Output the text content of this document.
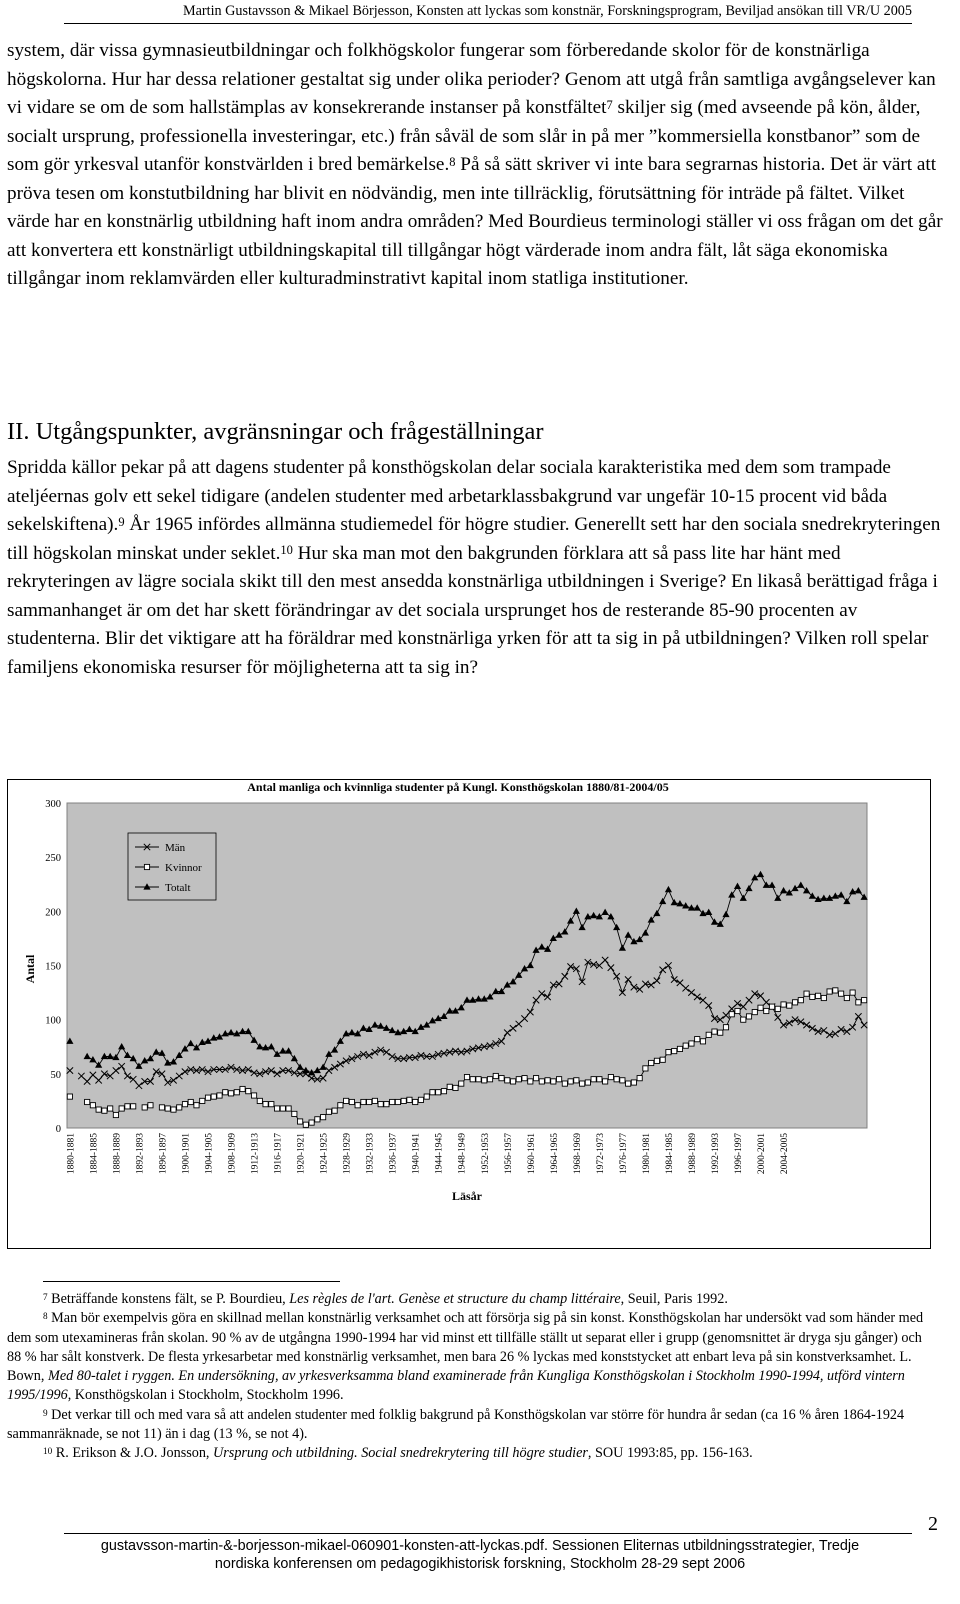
Martin Gustavsson & Mikael Börjesson, Konsten att lyckas som konstnär, Forskningsprogram, Beviljad ansökan till VR/U 2005

system, där vissa gymnasieutbildningar och folkhögskolor fungerar som förberedande skolor för de konstnärliga högskolorna. Hur har dessa relationer gestaltat sig under olika perioder? Genom att utgå från samtliga avgångselever kan vi vidare se om de som hallstämplas av konsekrerande instanser på konstfältet$^7$ skiljer sig (med avseende på kön, ålder, socialt ursprung, professionella investeringar, etc.) från såväl de som slår in på mer ”kommersiella konstbanor” som de som gör yrkesval utanför konstvärlden i bred bemärkelse.$^8$ På så sätt skriver vi inte bara segrarnas historia. Det är värt att pröva tesen om konstutbildning har blivit en nödvändig, men inte tillräcklig, förutsättning för inträde på fältet. Vilket värde har en konstnärlig utbildning haft inom andra områden? Med Bourdieus terminologi ställer vi oss frågan om det går att konvertera ett konstnärligt utbildningskapital till tillgångar högt värderade inom andra fält, låt säga ekonomiska tillgångar inom reklamvärden eller kulturadminstrativt kapital inom statliga institutioner.

II. Utgångspunkter, avgränsningar och frågeställningar

Spridda källor pekar på att dagens studenter på konsthögskolan delar sociala karakteristika med dem som trampade ateljéernas golv ett sekel tidigare (andelen studenter med arbetarklassbakgrund var ungefär 10-15 procent vid båda sekelskiftena).$^9$ År 1965 infördes allmänna studiemedel för högre studier. Generellt sett har den sociala snedrekryteringen till högskolan minskat under seklet.$^{10}$ Hur ska man mot den bakgrunden förklara att så pass lite har hänt med rekryteringen av lägre sociala skikt till den mest ansedda konstnärliga utbildningen i Sverige? En likaså berättigad fråga i sammanhanget är om det har skett förändringar av det sociala ursprunget hos de resterande 85-90 procenten av studenterna. Blir det viktigare att ha föräldrar med konstnärliga yrken för att ta sig in på utbildningen? Vilken roll spelar familjens ekonomiska resurser för möjligheterna att ta sig in?

Antal manliga och kvinnliga studenter på Kungl. Konsthögskolan 1880/81-2004/05
0
50
100
150
200
250
300
1880-1881 1884-1885 1888-1889 1892-1893 1896-1897 1900-1901 1904-1905 1908-1909 1912-1913 1916-1917 1920-1921 1924-1925 1928-1929 1932-1933 1936-1937 1940-1941 1944-1945 1948-1949 1952-1953 1956-1957 1960-1961 1964-1965 1968-1969 1972-1973 1976-1977 1980-1981 1984-1985 1988-1989 1992-1993 1996-1997 2000-2001 2004-2005
Antal
Läsår
Män
Kvinnor
Totalt

$^7$ Beträffande konstens fält, se P. Bourdieu, Les règles de l'art. Genèse et structure du champ littéraire, Seuil, Paris 1992.

$^8$ Man bör exempelvis göra en skillnad mellan konstnärlig verksamhet och att försörja sig på sin konst. Konsthögskolan har undersökt vad som händer med dem som utexamineras från skolan. 90 % av de utgångna 1990-1994 har vid minst ett tillfälle ställt ut separat eller i grupp (genomsnittet är dryga sju gånger) och 88 % har sålt konstverk. De flesta yrkesarbetar med konstnärlig verksamhet, men bara 26 % lyckas med konststycket att enbart leva på sin konstverksamhet. L. Bown, Med 80-talet i ryggen. En undersökning, av yrkesverksamma bland examinerade från Kungliga Konsthögskolan i Stockholm 1990-1994, utförd vintern 1995/1996, Konsthögskolan i Stockholm, Stockholm 1996.

$^9$ Det verkar till och med vara så att andelen studenter med folklig bakgrund på Konsthögskolan var större för hundra år sedan (ca 16 % åren 1864-1924 sammanräknade, se not 11) än i dag (13 %, se not 4).

$^{10}$ R. Erikson & J.O. Jonsson, Ursprung och utbildning. Social snedrekrytering till högre studier, SOU 1993:85, pp. 156-163.

2
gustavsson-martin-&-borjesson-mikael-060901-konsten-att-lyckas.pdf. Sessionen Eliternas utbildningsstrategier, Tredje
nordiska konferensen om pedagogikhistorisk forskning, Stockholm 28-29 sept 2006
